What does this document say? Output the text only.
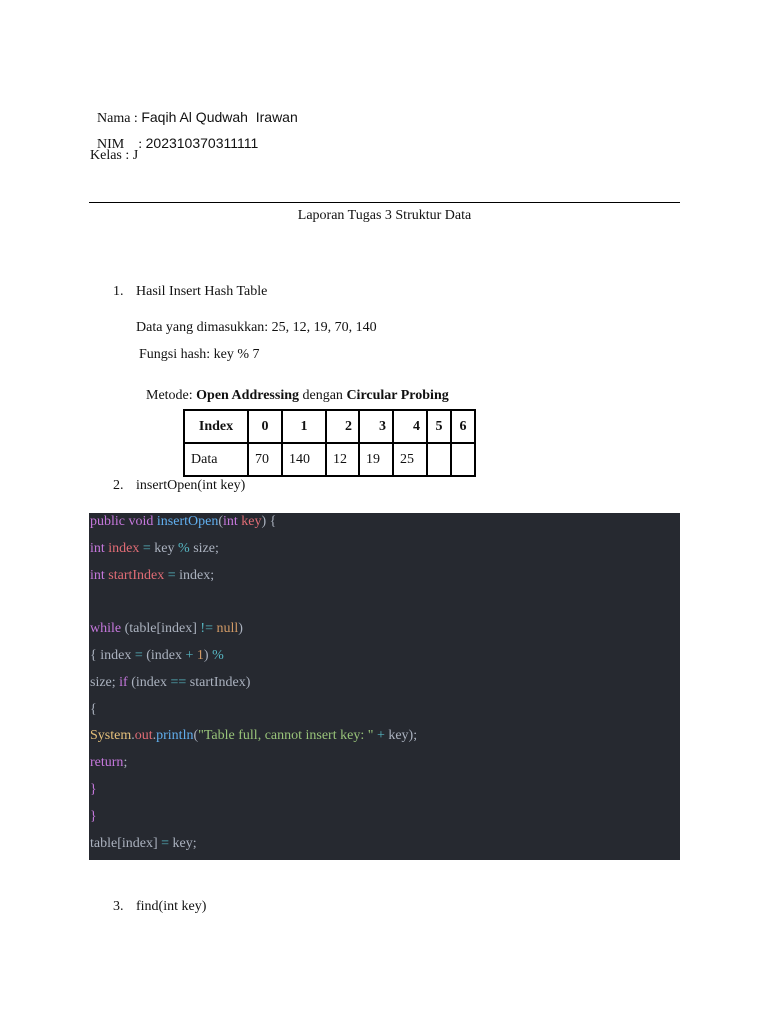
Nama : Faqih Al Qudwah  Irawan

NIM    : 202310370311111

Kelas : J
Laporan Tugas 3 Struktur Data
1. Hasil Insert Hash Table
Data yang dimasukkan: 25, 12, 19, 70, 140
Fungsi hash: key % 7

Metode: Open Addressing dengan Circular Probing

Index	0	1	2	3	4	5	6
Data	70	140	12	19	25		
2. insertOpen(int key)
public void insertOpen(int key) {
int index = key % size;
int startIndex = index;
while (table[index] != null)
{ index = (index + 1) %
size; if (index == startIndex)
{
System.out.println("Table full, cannot insert key: " + key);
return;
}
}
table[index] = key;
3. find(int key)
